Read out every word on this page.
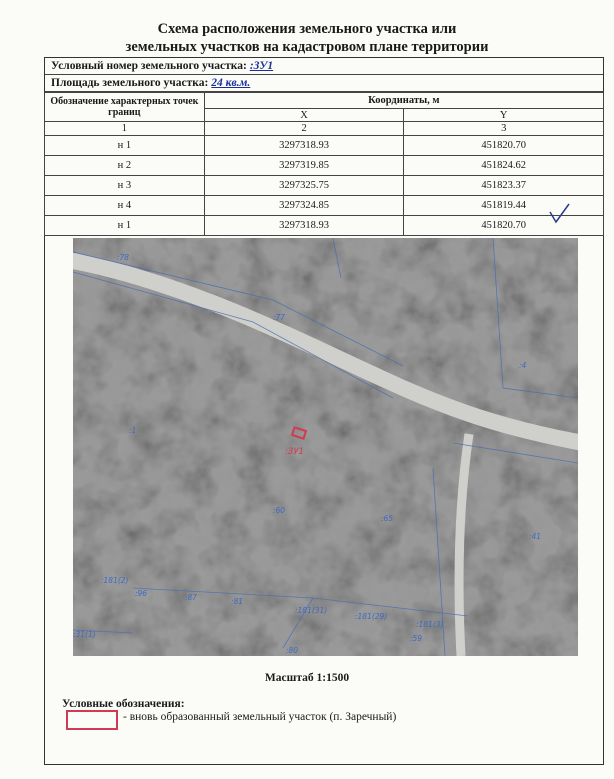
Схема расположения земельного участка или
земельных участков на кадастровом плане территории
Условный номер земельного участка: :ЗУ1
Площадь земельного участка: 24 кв.м.
Обозначение характерных точек границ	Координаты, м	
	X	Y
1	2	3
н 1	3297318.93	451820.70
н 2	3297319.85	451824.62
н 3	3297325.75	451823.37
н 4	3297324.85	451819.44
н 1	3297318.93	451820.70
:ЗУ1
:78
:77
:4
:1
:60
:65
:41
:181(2)
:96	:87	:81
:181(31)
:181(29)
:181(3)
:59
:80
:31(1)
Масштаб 1:1500
Условные обозначения:
- вновь образованный земельный участок (п. Заречный)
